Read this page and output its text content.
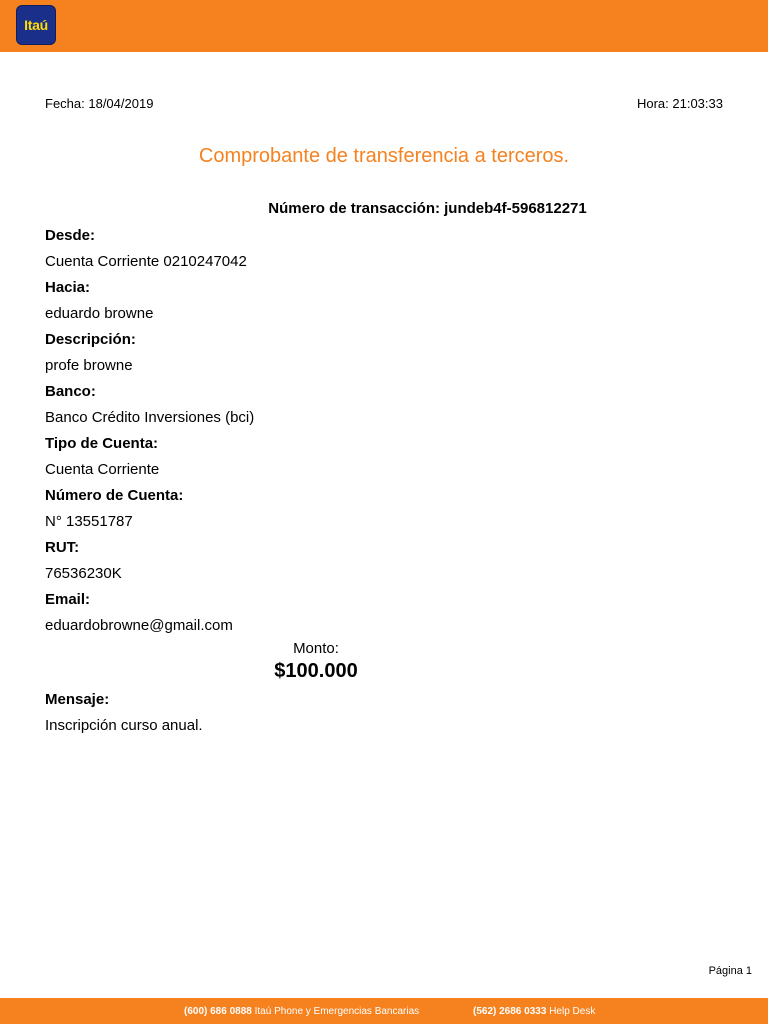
Itaú
Fecha: 18/04/2019	Hora: 21:03:33
Comprobante de transferencia a terceros.
Número de transacción: jundeb4f-596812271
Desde:
Cuenta Corriente 0210247042
Hacia:
eduardo browne
Descripción:
profe browne
Banco:
Banco Crédito Inversiones (bci)
Tipo de Cuenta:
Cuenta Corriente
Número de Cuenta:
N° 13551787
RUT:
76536230K
Email:
eduardobrowne@gmail.com
Monto:
$100.000
Mensaje:
Inscripción curso anual.
Página 1
(600) 686 0888 Itaú Phone y Emergencias Bancarias	(562) 2686 0333 Help Desk
